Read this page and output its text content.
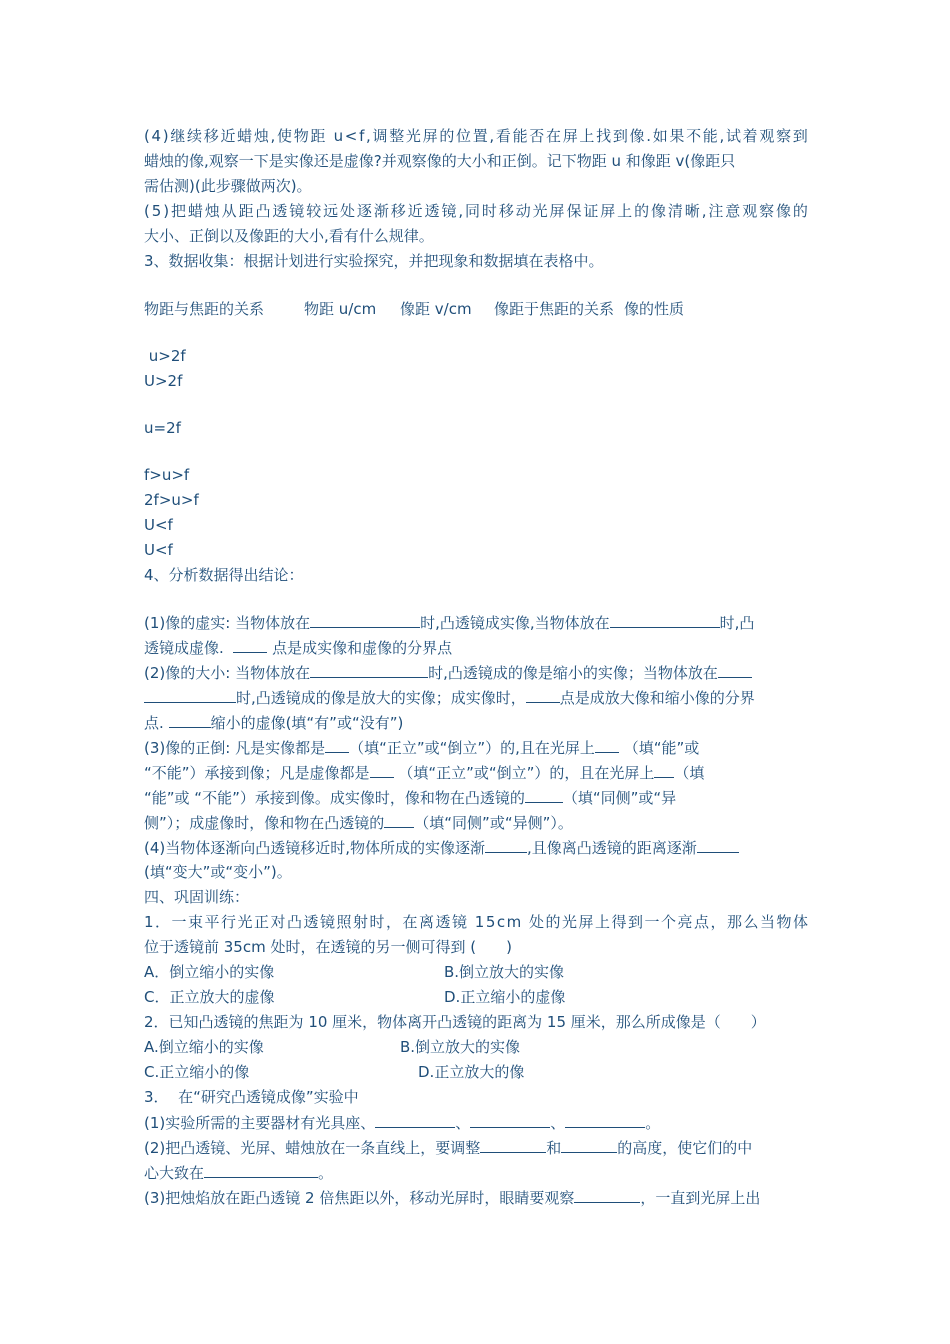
( 4 ) 继 续 移 近 蜡 烛 , 使 物 距
u < f , 调 整 光 屏 的 位 置 , 看 能 否 在 屏 上 找 到 像 . 如 果 不 能 , 试 着 观 察 到
蜡烛的像,观察一下是实像还是虚像?并观察像的大小和正倒。记下物距 u 和像距 v(像距只
需估测)(此步骤做两次)。
( 5 ) 把 蜡 烛 从 距 凸 透 镜 较 远 处 逐 渐 移 近 透 镜 , 同 时 移 动 光 屏 保 证 屏 上 的 像 清 晰 , 注 意 观 察 像 的
大小、正倒以及像距的大小,看有什么规律。
3、数据收集：根据计划进行实验探究，并把现象和数据填在表格中。
物距与焦距的关系	物距 u/cm 像距 v/cm 像距于焦距的关系 像的性质
u>2f
U>2f
u=2f
f>u>f
2f>u>f
U<f
U<f
4、分析数据得出结论：
(1)像的虚实: 当物体放在	时,凸透镜成实像,当物体放在	时,凸
透镜成虚像.	点是成实像和虚像的分界点
(2)像的大小: 当物体放在	时,凸透镜成的像是缩小的实像；当物体放在
时,凸透镜成的像是放大的实像；成实像时， 点是成放大像和缩小像的分界
点.	缩小的虚像(填“有”或“没有”)
(3)像的正倒: 凡是实像都是 （填“正立”或“倒立”）的,且在光屏上 （填“能”或
“不能”）承接到像；凡是虚像都是 （填“正立”或“倒立”）的，且在光屏上 （填
“能”或 “不能”）承接到像。成实像时，像和物在凸透镜的	（填“同侧”或“异
侧”）；成虚像时，像和物在凸透镜的 （填“同侧”或“异侧”）。
(4)当物体逐渐向凸透镜移近时,物体所成的实像逐渐	,且像离凸透镜的距离逐渐
(填“变大”或“变小”)。
四、巩固训练：
1 ． 一 束 平 行 光 正 对 凸 透 镜 照 射 时 ， 在 离 透 镜
1 5 c m
处 的 光 屏 上 得 到 一 个 亮 点 ， 那 么 当 物 体
位于透镜前 35cm 处时，在透镜的另一侧可得到 (　　)
A．倒立缩小的实像	B.倒立放大的实像
C．正立放大的虚像	D.正立缩小的虚像
2．已知凸透镜的焦距为 10 厘米，物体离开凸透镜的距离为 15 厘米，那么所成像是（　　）
A.倒立缩小的实像	B.倒立放大的实像
C.正立缩小的像	D.正立放大的像
3．  在“研究凸透镜成像”实验中
(1)实验所需的主要器材有光具座、	、	、	。
(2)把凸透镜、光屏、蜡烛放在一条直线上，要调整	和	的高度，使它们的中
心大致在	。
(3)把烛焰放在距凸透镜 2 倍焦距以外，移动光屏时，眼睛要观察	，一直到光屏上出
